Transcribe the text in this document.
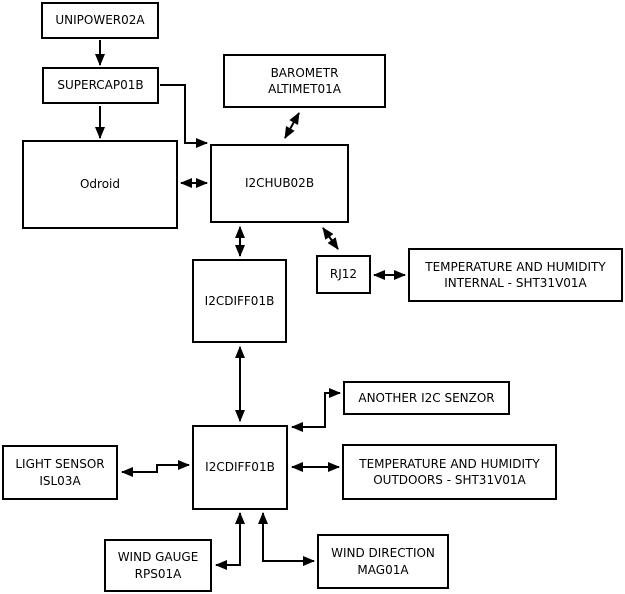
UNIPOWER02A
SUPERCAP01B
Odroid
BAROMETR
ALTIMET01A
I2CHUB02B
RJ12
TEMPERATURE AND HUMIDITY
INTERNAL - SHT31V01A
I2CDIFF01B
I2CDIFF01B
ANOTHER I2C SENZOR
LIGHT SENSOR
ISL03A
TEMPERATURE AND HUMIDITY
OUTDOORS - SHT31V01A
WIND GAUGE
RPS01A
WIND DIRECTION
MAG01A
